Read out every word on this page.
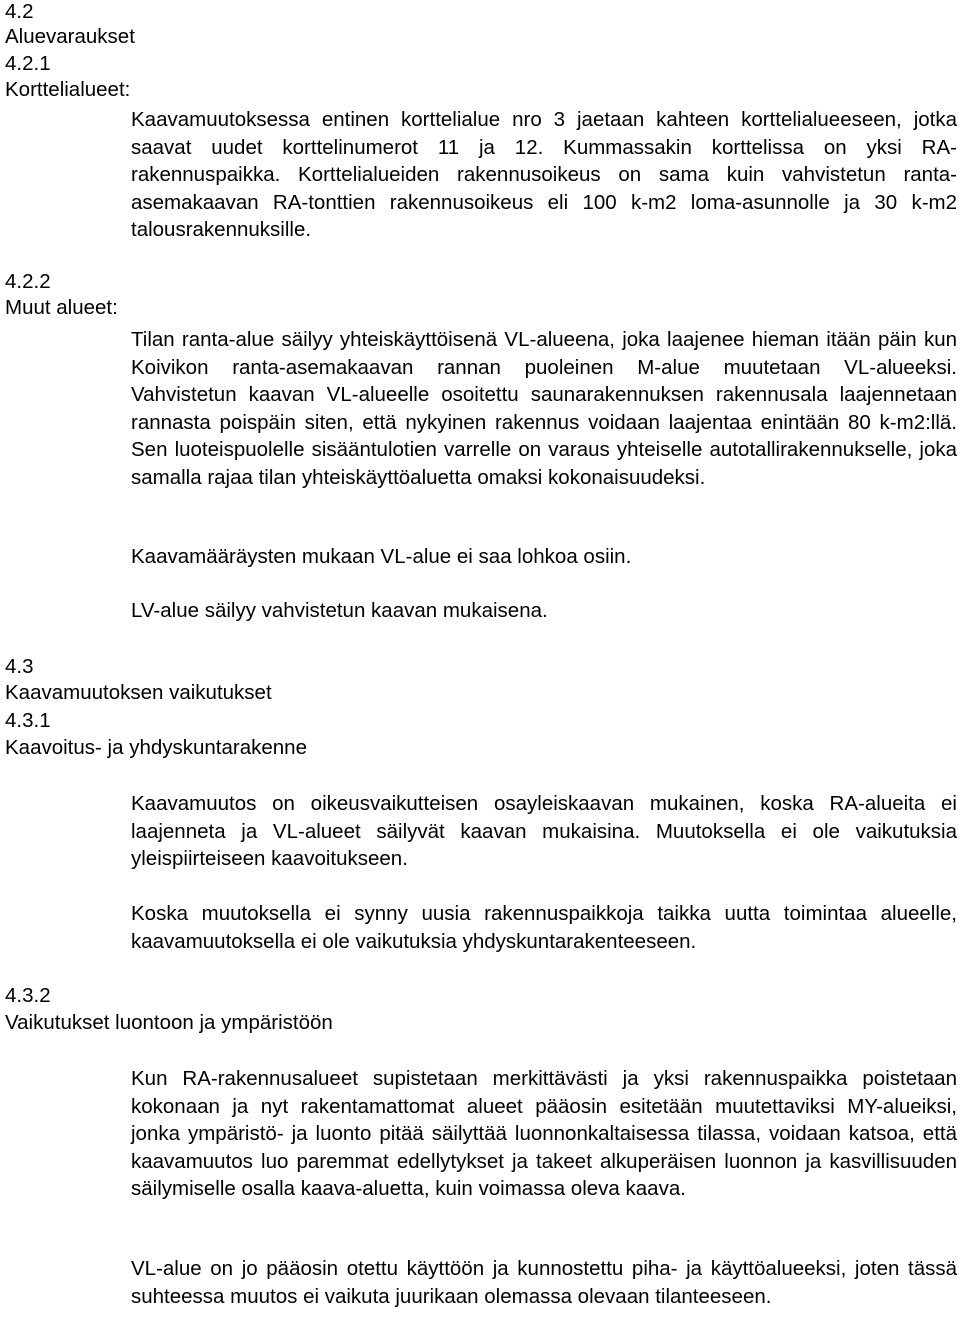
4.2
Aluevaraukset
4.2.1
Korttelialueet:

Kaavamuutoksessa entinen korttelialue nro 3 jaetaan kahteen korttelialueeseen, jotka saavat uudet korttelinumerot 11 ja 12. Kummassakin korttelissa on yksi RA-rakennuspaikka. Korttelialueiden rakennusoikeus on sama kuin vahvistetun ranta-asemakaavan RA-tonttien rakennusoikeus eli 100 k-m2 loma-asunnolle ja 30 k-m2 talousrakennuksille.

4.2.2
Muut alueet:

Tilan ranta-alue säilyy yhteiskäyttöisenä VL-alueena, joka laajenee hieman itään päin kun Koivikon ranta-asemakaavan rannan puoleinen M-alue muutetaan VL-alueeksi. Vahvistetun kaavan VL-alueelle osoitettu saunarakennuksen rakennusala laajennetaan rannasta poispäin siten, että nykyinen rakennus voidaan laajentaa enintään 80 k-m2:llä. Sen luoteispuolelle sisääntulotien varrelle on varaus yhteiselle autotallirakennukselle, joka samalla rajaa tilan yhteiskäyttöaluetta omaksi kokonaisuudeksi.

Kaavamääräysten mukaan VL-alue ei saa lohkoa osiin.

LV-alue säilyy vahvistetun kaavan mukaisena.

4.3
Kaavamuutoksen vaikutukset
4.3.1
Kaavoitus- ja yhdyskuntarakenne

Kaavamuutos on oikeusvaikutteisen osayleiskaavan mukainen, koska RA-alueita ei laajenneta ja VL-alueet säilyvät kaavan mukaisina. Muutoksella ei ole vaikutuksia yleispiirteiseen kaavoitukseen.

Koska muutoksella ei synny uusia rakennuspaikkoja taikka uutta toimintaa alueelle, kaavamuutoksella ei ole vaikutuksia yhdyskuntarakenteeseen.

4.3.2
Vaikutukset luontoon ja ympäristöön

Kun RA-rakennusalueet supistetaan merkittävästi ja yksi rakennuspaikka poistetaan kokonaan ja nyt rakentamattomat alueet pääosin esitetään muutettaviksi MY-alueiksi, jonka ympäristö- ja luonto pitää säilyttää luonnonkaltaisessa tilassa, voidaan katsoa, että kaavamuutos luo paremmat edellytykset ja takeet alkuperäisen luonnon ja kasvillisuuden säilymiselle osalla kaava-aluetta, kuin voimassa oleva kaava.

VL-alue on jo pääosin otettu käyttöön ja kunnostettu piha- ja käyttöalueeksi, joten tässä suhteessa muutos ei vaikuta juurikaan olemassa olevaan tilanteeseen.
